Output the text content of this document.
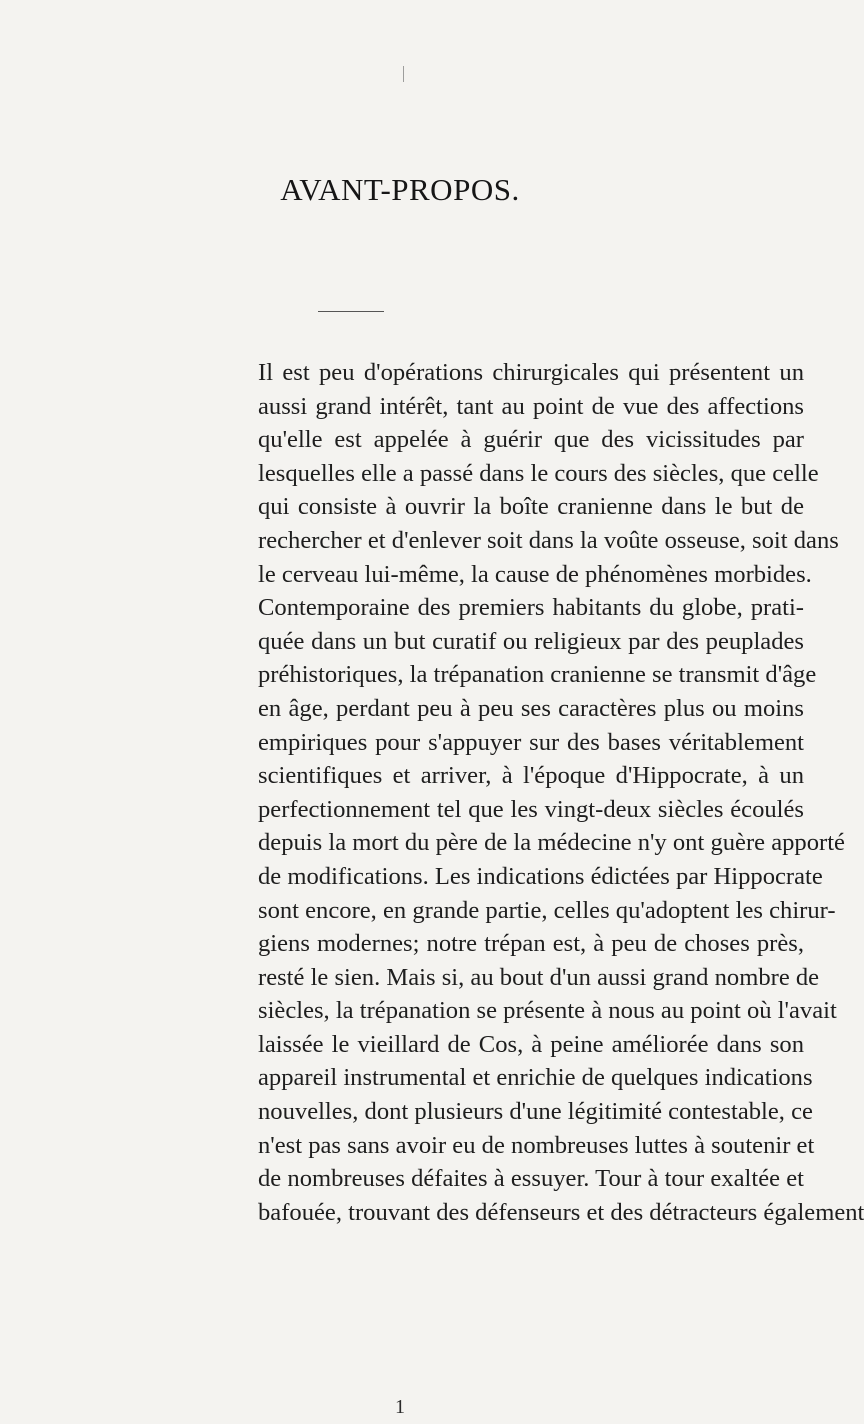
AVANT-PROPOS.
Il est peu d'opérations chirurgicales qui présentent un
aussi grand intérêt, tant au point de vue des affections
qu'elle est appelée à guérir que des vicissitudes par
lesquelles elle a passé dans le cours des siècles, que celle
qui consiste à ouvrir la boîte cranienne dans le but de
rechercher et d'enlever soit dans la voûte osseuse, soit dans
le cerveau lui-même, la cause de phénomènes morbides.
Contemporaine des premiers habitants du globe, prati-
quée dans un but curatif ou religieux par des peuplades
préhistoriques, la trépanation cranienne se transmit d'âge
en âge, perdant peu à peu ses caractères plus ou moins
empiriques pour s'appuyer sur des bases véritablement
scientifiques et arriver, à l'époque d'Hippocrate, à un
perfectionnement tel que les vingt-deux siècles écoulés
depuis la mort du père de la médecine n'y ont guère apporté
de modifications. Les indications édictées par Hippocrate
sont encore, en grande partie, celles qu'adoptent les chirur-
giens modernes; notre trépan est, à peu de choses près,
resté le sien. Mais si, au bout d'un aussi grand nombre de
siècles, la trépanation se présente à nous au point où l'avait
laissée le vieillard de Cos, à peine améliorée dans son
appareil instrumental et enrichie de quelques indications
nouvelles, dont plusieurs d'une légitimité contestable, ce
n'est pas sans avoir eu de nombreuses luttes à soutenir et
de nombreuses défaites à essuyer. Tour à tour exaltée et
bafouée, trouvant des défenseurs et des détracteurs également
1
